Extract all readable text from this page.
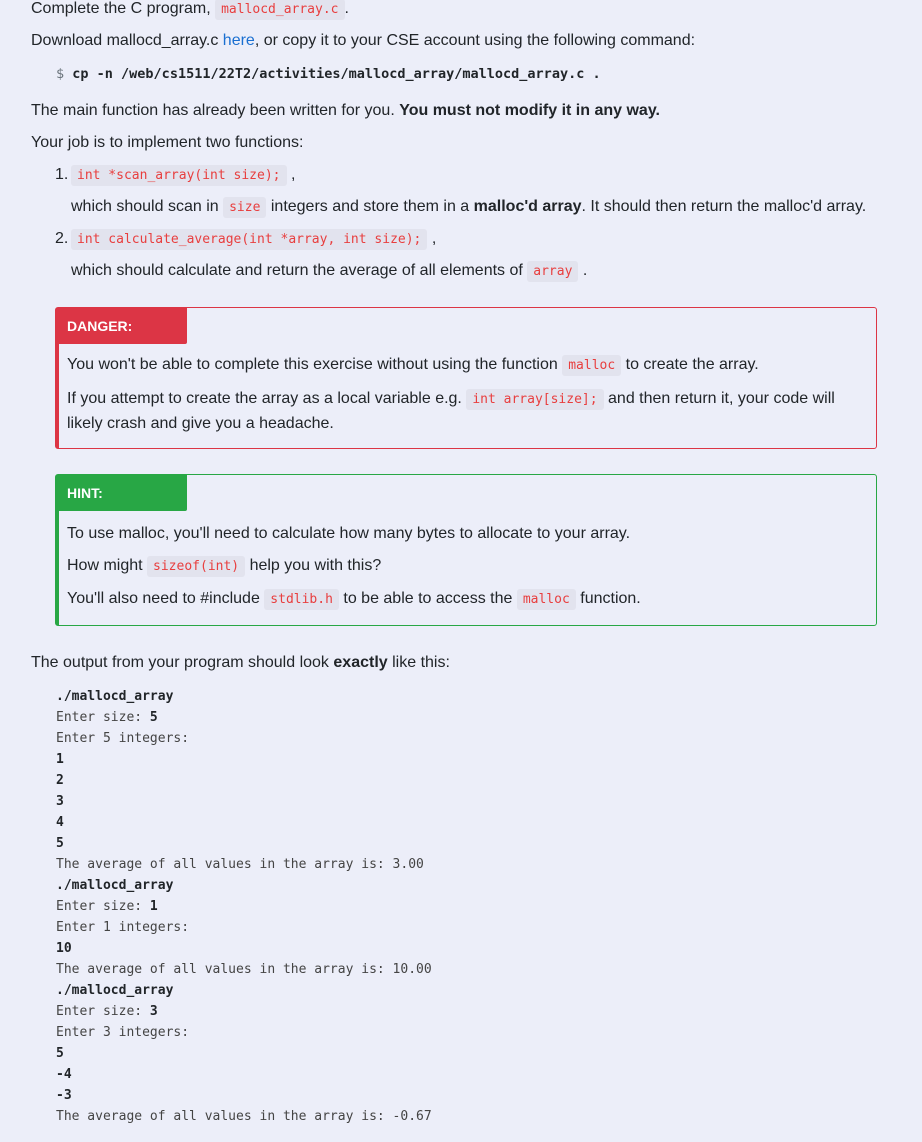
Complete the C program, mallocd_array.c .

Download mallocd_array.c here, or copy it to your CSE account using the following command:

$ cp -n /web/cs1511/22T2/activities/mallocd_array/mallocd_array.c .

The main function has already been written for you. You must not modify it in any way.

Your job is to implement two functions:

1. int *scan_array(int size); ,
which should scan in size integers and store them in a malloc'd array. It should then return the malloc'd array.
2. int calculate_average(int *array, int size); ,
which should calculate and return the average of all elements of array .
DANGER:

You won't be able to complete this exercise without using the function malloc to create the array.

If you attempt to create the array as a local variable e.g. int array[size]; and then return it, your code will likely crash and give you a headache.

HINT:

To use malloc, you'll need to calculate how many bytes to allocate to your array.

How might sizeof(int) help you with this?

You'll also need to #include stdlib.h to be able to access the malloc function.

The output from your program should look exactly like this:

./mallocd_array
Enter size: 5
Enter 5 integers:
1
2
3
4
5
The average of all values in the array is: 3.00
./mallocd_array
Enter size: 1
Enter 1 integers:
10
The average of all values in the array is: 10.00
./mallocd_array
Enter size: 3
Enter 3 integers:
5
-4
-3
The average of all values in the array is: -0.67
